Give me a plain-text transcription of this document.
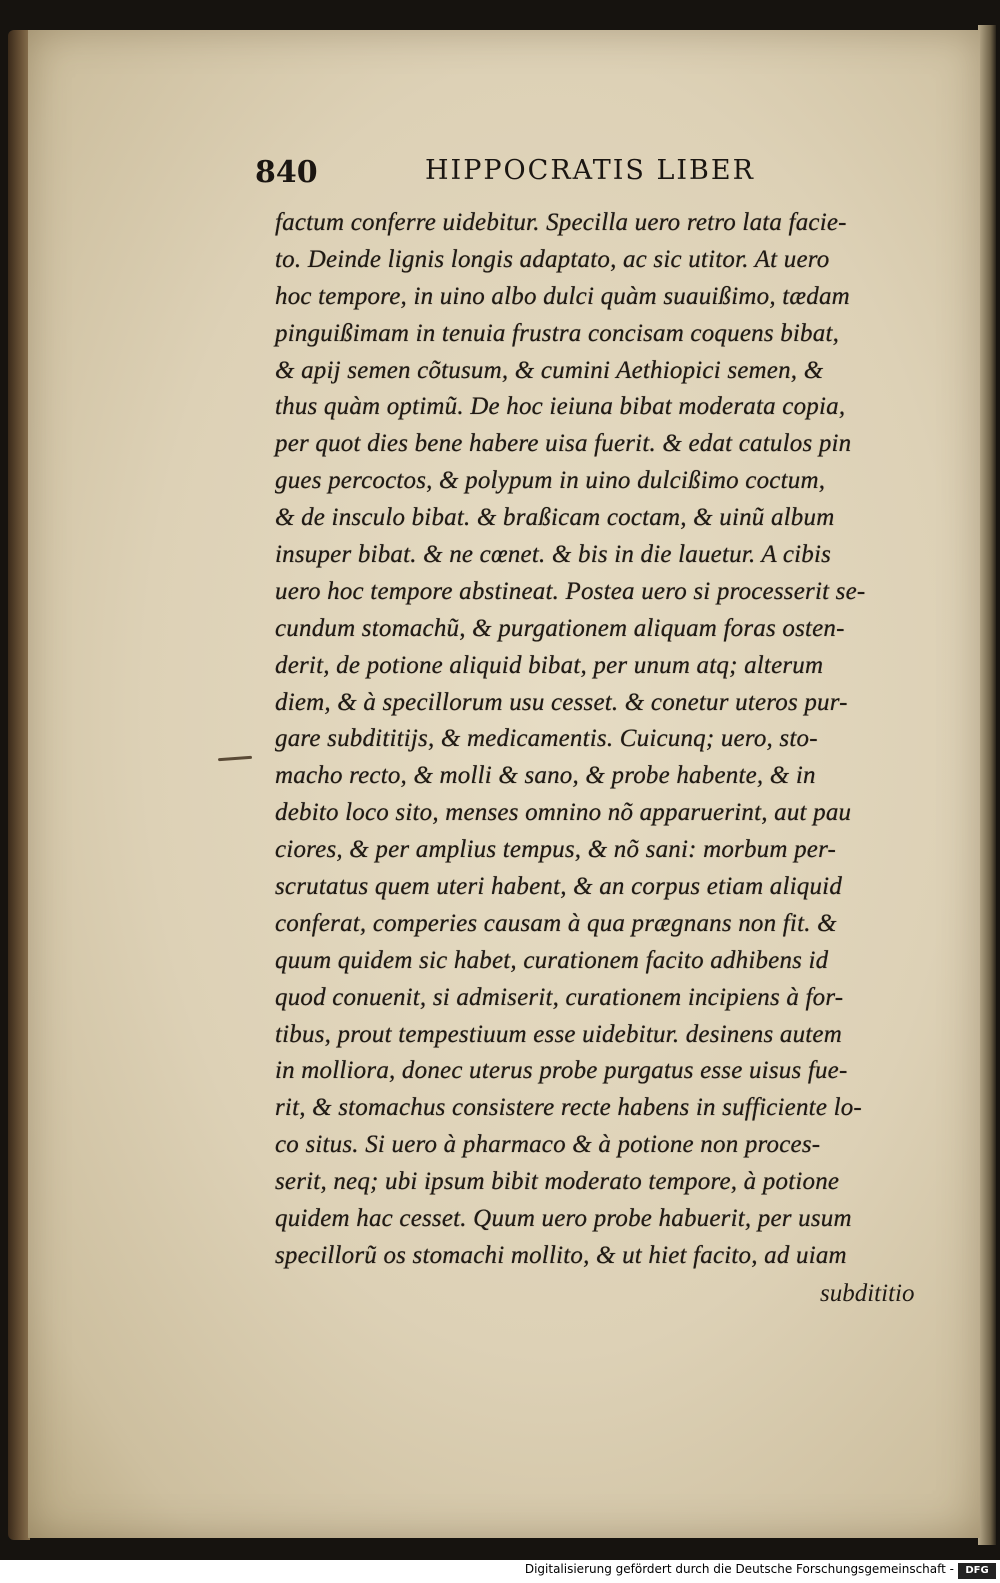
840	HIPPOCRATIS LIBER
factum conferre uidebitur. Specilla uero retro lata facie-
to. Deinde lignis longis adaptato, ac sic utitor. At uero
hoc tempore, in uino albo dulci quàm suauißimo, tædam
pinguißimam in tenuia frustra concisam coquens bibat,
& apij semen cõtusum, & cumini Aethiopici semen, &
thus quàm optimũ. De hoc ieiuna bibat moderata copia,
per quot dies bene habere uisa fuerit. & edat catulos pin
gues percoctos, & polypum in uino dulcißimo coctum,
& de insculo bibat. & braßicam coctam, & uinũ album
insuper bibat. & ne cœnet. & bis in die lauetur. A cibis
uero hoc tempore abstineat. Postea uero si processerit se-
cundum stomachũ, & purgationem aliquam foras osten-
derit, de potione aliquid bibat, per unum atq; alterum
diem, & à specillorum usu cesset. & conetur uteros pur-
gare subdititijs, & medicamentis. Cuicunq; uero, sto-
macho recto, & molli & sano, & probe habente, & in
debito loco sito, menses omnino nõ apparuerint, aut pau
ciores, & per amplius tempus, & nõ sani: morbum per-
scrutatus quem uteri habent, & an corpus etiam aliquid
conferat, comperies causam à qua prægnans non fit. &
quum quidem sic habet, curationem facito adhibens id
quod conuenit, si admiserit, curationem incipiens à for-
tibus, prout tempestiuum esse uidebitur. desinens autem
in molliora, donec uterus probe purgatus esse uisus fue-
rit, & stomachus consistere recte habens in sufficiente lo-
co situs. Si uero à pharmaco & à potione non proces-
serit, neq; ubi ipsum bibit moderato tempore, à potione
quidem hac cesset. Quum uero probe habuerit, per usum
specillorũ os stomachi mollito, & ut hiet facito, ad uiam
subdititio
Digitalisierung gefördert durch die Deutsche Forschungsgemeinschaft -	DFG
